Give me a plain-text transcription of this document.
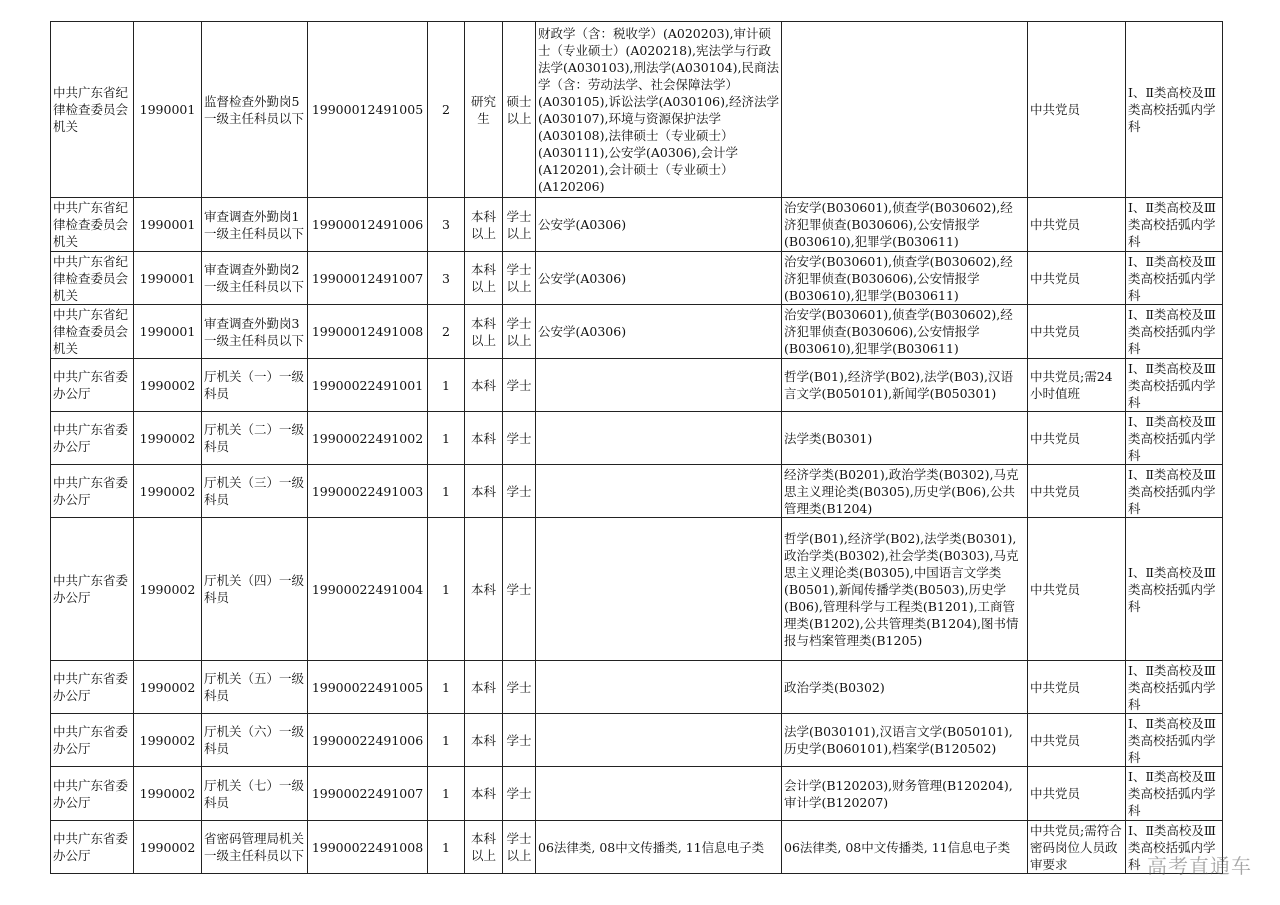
中共广东省纪律检查委员会机关	1990001	监督检查外勤岗5一级主任科员以下	19900012491005	2	研究生	硕士以上	财政学（含：税收学）(A020203),审计硕士（专业硕士）(A020218),宪法学与行政法学(A030103),刑法学(A030104),民商法学（含：劳动法学、社会保障法学）(A030105),诉讼法学(A030106),经济法学(A030107),环境与资源保护法学(A030108),法律硕士（专业硕士）(A030111),公安学(A0306),会计学(A120201),会计硕士（专业硕士）(A120206)		中共党员	Ⅰ、Ⅱ类高校及Ⅲ类高校括弧内学科
中共广东省纪律检查委员会机关	1990001	审查调查外勤岗1一级主任科员以下	19900012491006	3	本科以上	学士以上	公安学(A0306)	治安学(B030601),侦查学(B030602),经济犯罪侦查(B030606),公安情报学(B030610),犯罪学(B030611)	中共党员	Ⅰ、Ⅱ类高校及Ⅲ类高校括弧内学科
中共广东省纪律检查委员会机关	1990001	审查调查外勤岗2一级主任科员以下	19900012491007	3	本科以上	学士以上	公安学(A0306)	治安学(B030601),侦查学(B030602),经济犯罪侦查(B030606),公安情报学(B030610),犯罪学(B030611)	中共党员	Ⅰ、Ⅱ类高校及Ⅲ类高校括弧内学科
中共广东省纪律检查委员会机关	1990001	审查调查外勤岗3一级主任科员以下	19900012491008	2	本科以上	学士以上	公安学(A0306)	治安学(B030601),侦查学(B030602),经济犯罪侦查(B030606),公安情报学(B030610),犯罪学(B030611)	中共党员	Ⅰ、Ⅱ类高校及Ⅲ类高校括弧内学科
中共广东省委办公厅	1990002	厅机关（一）一级科员	19900022491001	1	本科	学士		哲学(B01),经济学(B02),法学(B03),汉语言文学(B050101),新闻学(B050301)	中共党员;需24小时值班	Ⅰ、Ⅱ类高校及Ⅲ类高校括弧内学科
中共广东省委办公厅	1990002	厅机关（二）一级科员	19900022491002	1	本科	学士		法学类(B0301)	中共党员	Ⅰ、Ⅱ类高校及Ⅲ类高校括弧内学科
中共广东省委办公厅	1990002	厅机关（三）一级科员	19900022491003	1	本科	学士		经济学类(B0201),政治学类(B0302),马克思主义理论类(B0305),历史学(B06),公共管理类(B1204)	中共党员	Ⅰ、Ⅱ类高校及Ⅲ类高校括弧内学科
中共广东省委办公厅	1990002	厅机关（四）一级科员	19900022491004	1	本科	学士		哲学(B01),经济学(B02),法学类(B0301),政治学类(B0302),社会学类(B0303),马克思主义理论类(B0305),中国语言文学类(B0501),新闻传播学类(B0503),历史学(B06),管理科学与工程类(B1201),工商管理类(B1202),公共管理类(B1204),图书情报与档案管理类(B1205)	中共党员	Ⅰ、Ⅱ类高校及Ⅲ类高校括弧内学科
中共广东省委办公厅	1990002	厅机关（五）一级科员	19900022491005	1	本科	学士		政治学类(B0302)	中共党员	Ⅰ、Ⅱ类高校及Ⅲ类高校括弧内学科
中共广东省委办公厅	1990002	厅机关（六）一级科员	19900022491006	1	本科	学士		法学(B030101),汉语言文学(B050101),历史学(B060101),档案学(B120502)	中共党员	Ⅰ、Ⅱ类高校及Ⅲ类高校括弧内学科
中共广东省委办公厅	1990002	厅机关（七）一级科员	19900022491007	1	本科	学士		会计学(B120203),财务管理(B120204),审计学(B120207)	中共党员	Ⅰ、Ⅱ类高校及Ⅲ类高校括弧内学科
中共广东省委办公厅	1990002	省密码管理局机关一级主任科员以下	19900022491008	1	本科以上	学士以上	06法律类, 08中文传播类, 11信息电子类	06法律类, 08中文传播类, 11信息电子类	中共党员;需符合密码岗位人员政审要求	Ⅰ、Ⅱ类高校及Ⅲ类高校括弧内学科 高考直通车
